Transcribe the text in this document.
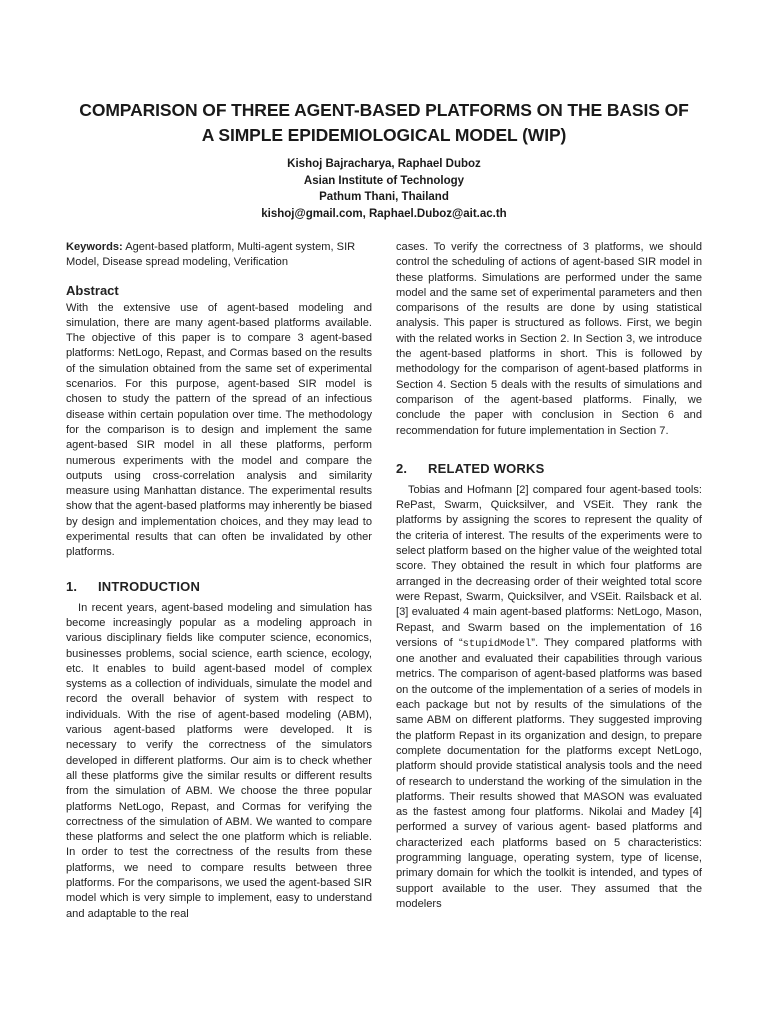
COMPARISON OF THREE AGENT-BASED PLATFORMS ON THE BASIS OF
A SIMPLE EPIDEMIOLOGICAL MODEL (WIP)
Kishoj Bajracharya, Raphael Duboz
Asian Institute of Technology
Pathum Thani, Thailand
kishoj@gmail.com, Raphael.Duboz@ait.ac.th

Keywords: Agent-based platform, Multi-agent system, SIR Model, Disease spread modeling, Verification

Abstract

With the extensive use of agent-based modeling and simulation, there are many agent-based platforms available. The objective of this paper is to compare 3 agent-based platforms: NetLogo, Repast, and Cormas based on the results of the simulation obtained from the same set of experimental scenarios. For this purpose, agent-based SIR model is chosen to study the pattern of the spread of an infectious disease within certain population over time. The methodology for the comparison is to design and implement the same agent-based SIR model in all these platforms, perform numerous experiments with the model and compare the outputs using cross-correlation analysis and similarity measure using Manhattan distance. The experimental results show that the agent-based platforms may inherently be biased by design and implementation choices, and they may lead to experimental results that can often be invalidated by other platforms.

1. INTRODUCTION

In recent years, agent-based modeling and simulation has become increasingly popular as a modeling approach in various disciplinary fields like computer science, economics, businesses problems, social science, earth science, ecology, etc. It enables to build agent-based model of complex systems as a collection of individuals, simulate the model and record the overall behavior of system with respect to individuals. With the rise of agent-based modeling (ABM), various agent-based platforms were developed. It is necessary to verify the correctness of the simulators developed in different platforms. Our aim is to check whether all these platforms give the similar results or different results from the simulation of ABM. We choose the three popular platforms NetLogo, Repast, and Cormas for verifying the correctness of the simulation of ABM. We wanted to compare these platforms and select the one platform which is reliable. In order to test the correctness of the results from these platforms, we need to compare results between three platforms. For the comparisons, we used the agent-based SIR model which is very simple to implement, easy to understand and adaptable to the real

cases. To verify the correctness of 3 platforms, we should control the scheduling of actions of agent-based SIR model in these platforms. Simulations are performed under the same model and the same set of experimental parameters and then comparisons of the results are done by using statistical analysis. This paper is structured as follows. First, we begin with the related works in Section 2. In Section 3, we introduce the agent-based platforms in short. This is followed by methodology for the comparison of agent-based platforms in Section 4. Section 5 deals with the results of simulations and comparison of the agent-based platforms. Finally, we conclude the paper with conclusion in Section 6 and recommendation for future implementation in Section 7.

2. RELATED WORKS

Tobias and Hofmann [2] compared four agent-based tools: RePast, Swarm, Quicksilver, and VSEit. They rank the platforms by assigning the scores to represent the quality of the criteria of interest. The results of the experiments were to select platform based on the higher value of the weighted total score. They obtained the result in which four platforms are arranged in the decreasing order of their weighted total score were Repast, Swarm, Quicksilver, and VSEit. Railsback et al. [3] evaluated 4 main agent-based platforms: NetLogo, Mason, Repast, and Swarm based on the implementation of 16 versions of “stupidModel”. They compared platforms with one another and evaluated their capabilities through various metrics. The comparison of agent-based platforms was based on the outcome of the implementation of a series of models in each package but not by results of the simulations of the same ABM on different platforms. They suggested improving the platform Repast in its organization and design, to prepare complete documentation for the platforms except NetLogo, platform should provide statistical analysis tools and the need of research to understand the working of the simulation in the platforms. Their results showed that MASON was evaluated as the fastest among four platforms. Nikolai and Madey [4] performed a survey of various agent- based platforms and characterized each platforms based on 5 characteristics: programming language, operating system, type of license, primary domain for which the toolkit is intended, and types of support available to the user. They assumed that the modelers
